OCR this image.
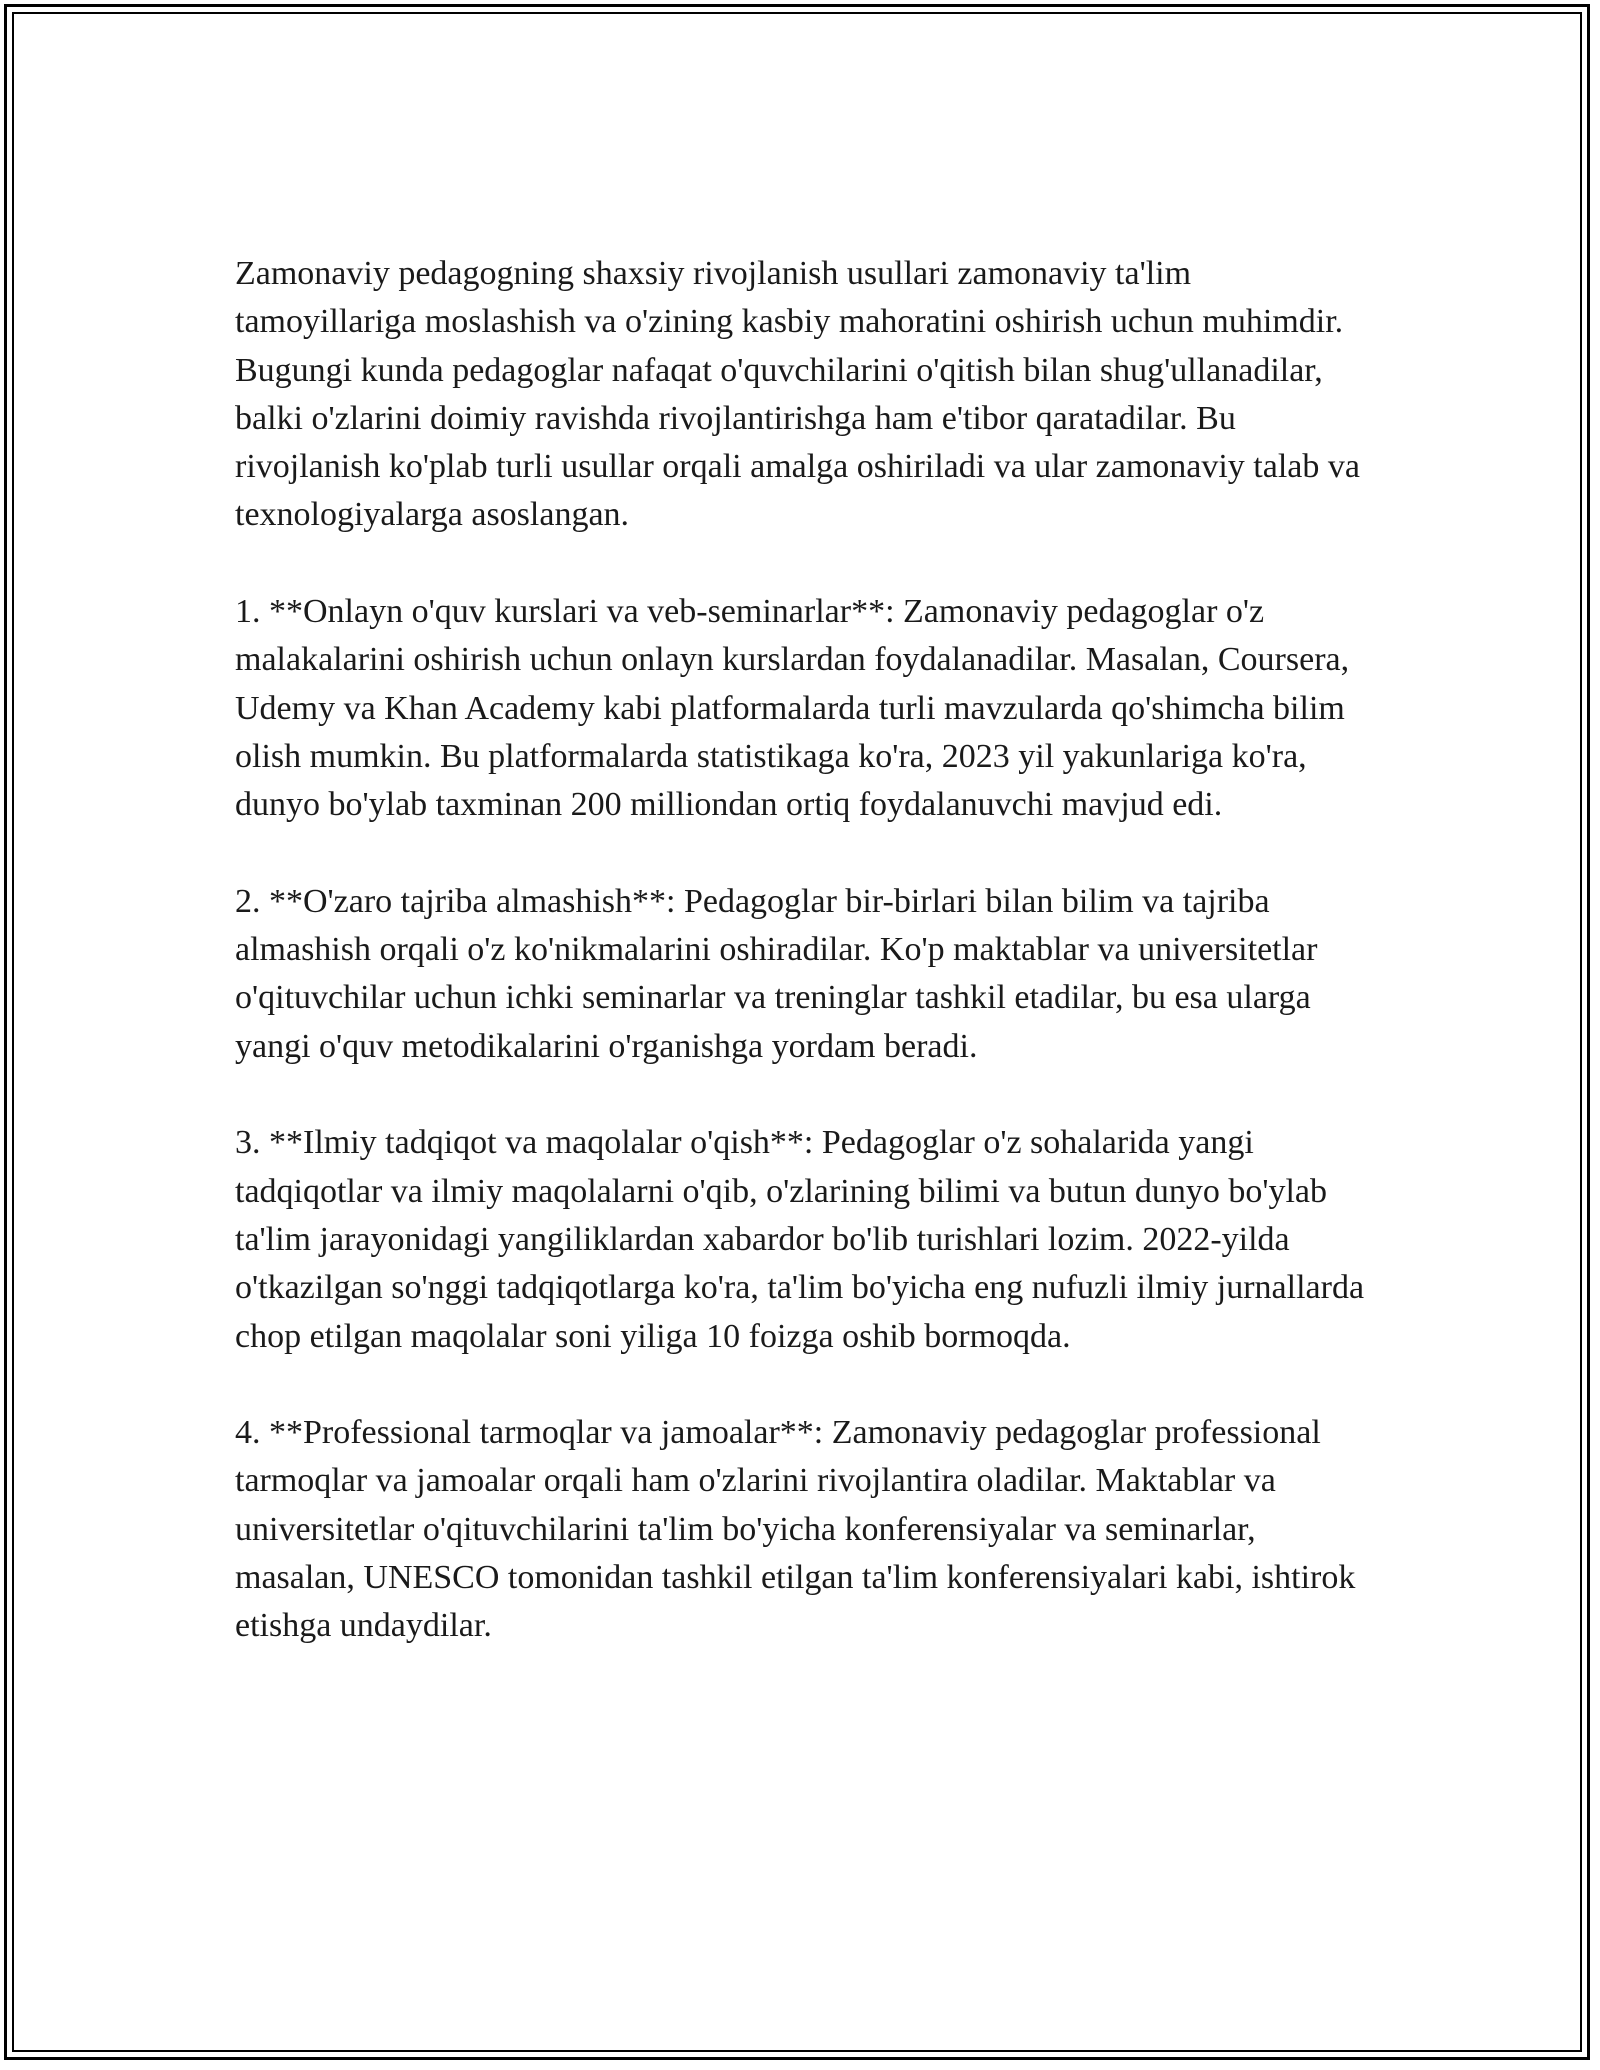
Zamonaviy pedagogning shaxsiy rivojlanish usullari zamonaviy ta'lim tamoyillariga moslashish va o'zining kasbiy mahoratini oshirish uchun muhimdir. Bugungi kunda pedagoglar nafaqat o'quvchilarini o'qitish bilan shug'ullanadilar, balki o'zlarini doimiy ravishda rivojlantirishga ham e'tibor qaratadilar. Bu rivojlanish ko'plab turli usullar orqali amalga oshiriladi va ular zamonaviy talab va texnologiyalarga asoslangan.

1. **Onlayn o'quv kurslari va veb-seminarlar**: Zamonaviy pedagoglar o'z malakalarini oshirish uchun onlayn kurslardan foydalanadilar. Masalan, Coursera, Udemy va Khan Academy kabi platformalarda turli mavzularda qo'shimcha bilim olish mumkin. Bu platformalarda statistikaga ko'ra, 2023 yil yakunlariga ko'ra, dunyo bo'ylab taxminan 200 milliondan ortiq foydalanuvchi mavjud edi.

2. **O'zaro tajriba almashish**: Pedagoglar bir-birlari bilan bilim va tajriba almashish orqali o'z ko'nikmalarini oshiradilar. Ko'p maktablar va universitetlar o'qituvchilar uchun ichki seminarlar va treninglar tashkil etadilar, bu esa ularga yangi o'quv metodikalarini o'rganishga yordam beradi.

3. **Ilmiy tadqiqot va maqolalar o'qish**: Pedagoglar o'z sohalarida yangi tadqiqotlar va ilmiy maqolalarni o'qib, o'zlarining bilimi va butun dunyo bo'ylab ta'lim jarayonidagi yangiliklardan xabardor bo'lib turishlari lozim. 2022-yilda o'tkazilgan so'nggi tadqiqotlarga ko'ra, ta'lim bo'yicha eng nufuzli ilmiy jurnallarda chop etilgan maqolalar soni yiliga 10 foizga oshib bormoqda.

4. **Professional tarmoqlar va jamoalar**: Zamonaviy pedagoglar professional tarmoqlar va jamoalar orqali ham o'zlarini rivojlantira oladilar. Maktablar va universitetlar o'qituvchilarini ta'lim bo'yicha konferensiyalar va seminarlar, masalan, UNESCO tomonidan tashkil etilgan ta'lim konferensiyalari kabi, ishtirok etishga undaydilar.
